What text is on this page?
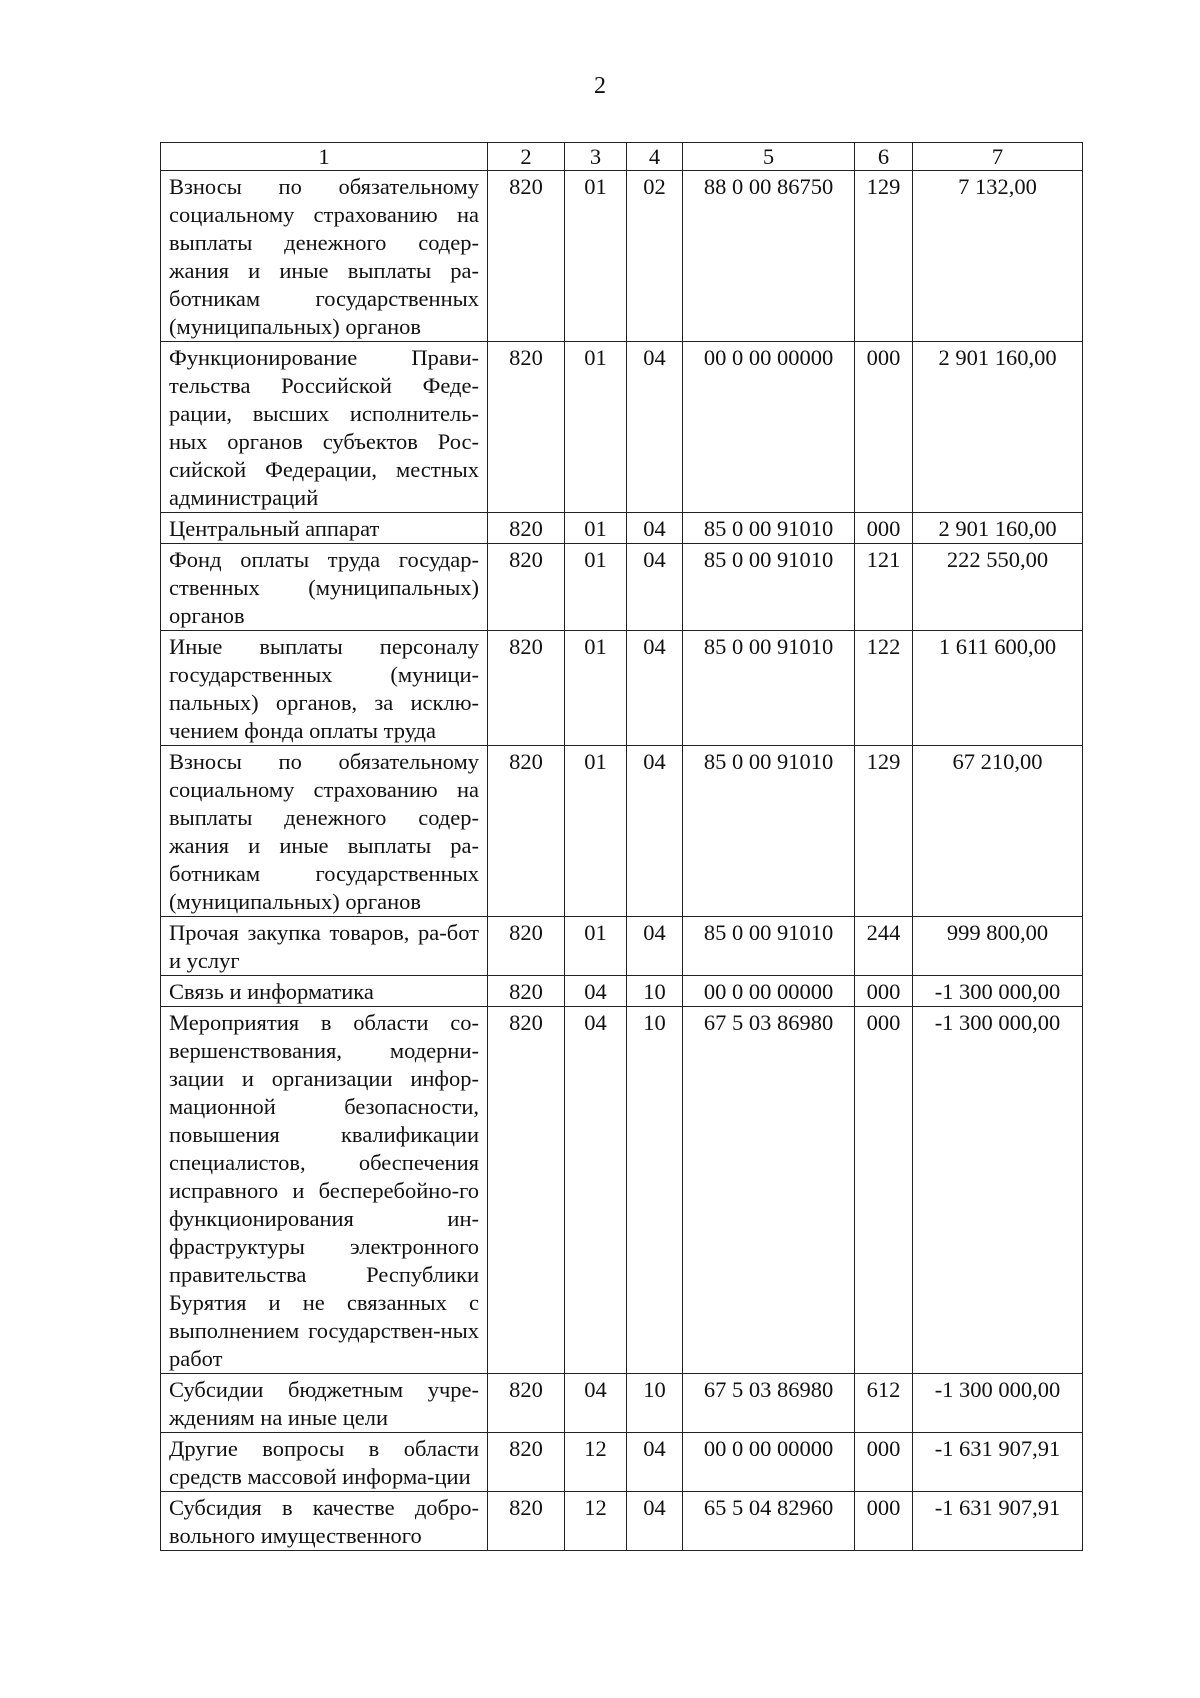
2
1	2	3	4	5	6	7
Взносы по обязательному социальному страхованию на выплаты денежного содер-жания и иные выплаты ра-ботникам государственных (муниципальных) органов	820	01	02	88 0 00 86750	129	7 132,00
Функционирование Прави-тельства Российской Феде-рации, высших исполнитель-ных органов субъектов Рос-сийской Федерации, местных администраций	820	01	04	00 0 00 00000	000	2 901 160,00
Центральный аппарат	820	01	04	85 0 00 91010	000	2 901 160,00
Фонд оплаты труда государ-ственных (муниципальных) органов	820	01	04	85 0 00 91010	121	222 550,00
Иные выплаты персоналу государственных (муници-пальных) органов, за исклю-чением фонда оплаты труда	820	01	04	85 0 00 91010	122	1 611 600,00
Взносы по обязательному социальному страхованию на выплаты денежного содер-жания и иные выплаты ра-ботникам государственных (муниципальных) органов	820	01	04	85 0 00 91010	129	67 210,00
Прочая закупка товаров, ра-бот и услуг	820	01	04	85 0 00 91010	244	999 800,00
Связь и информатика	820	04	10	00 0 00 00000	000	-1 300 000,00
Мероприятия в области со-вершенствования, модерни-зации и организации инфор-мационной безопасности, повышения квалификации специалистов, обеспечения исправного и бесперебойно-го функционирования ин-фраструктуры электронного правительства Республики Бурятия и не связанных с выполнением государствен-ных работ	820	04	10	67 5 03 86980	000	-1 300 000,00
Субсидии бюджетным учре-ждениям на иные цели	820	04	10	67 5 03 86980	612	-1 300 000,00
Другие вопросы в области средств массовой информа-ции	820	12	04	00 0 00 00000	000	-1 631 907,91
Субсидия в качестве добро-вольного имущественного	820	12	04	65 5 04 82960	000	-1 631 907,91
